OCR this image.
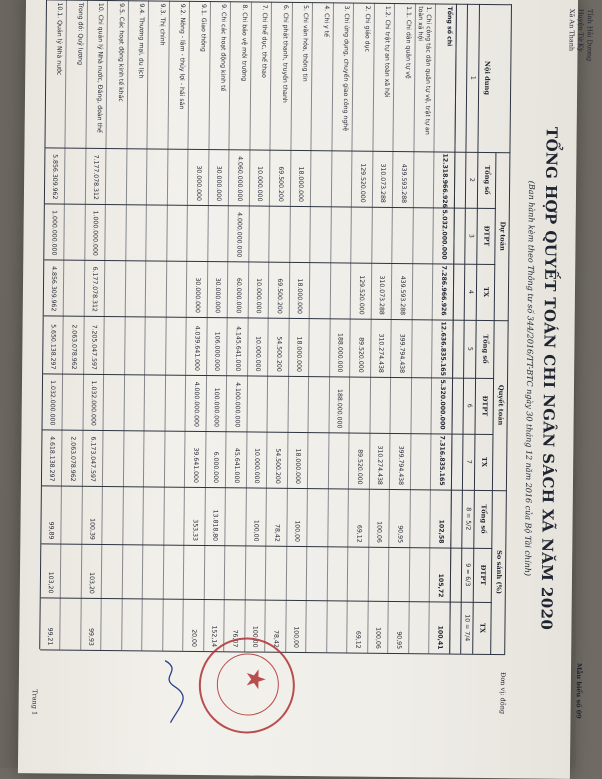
Tỉnh Hải Dương
Huyện Tứ Kỳ
Xã An Thanh
Mẫu biểu số 09
Đơn vị: đồng
TỔNG HỢP QUYẾT TOÁN CHI NGÂN SÁCH XÃ NĂM 2020
(Ban hành kèm theo Thông tư số 344/2016/TT-BTC ngày 30 tháng 12 năm 2016 của Bộ Tài chính)
Nội dung
Dự toán
Quyết toán
So sánh (%)
Tổng số
ĐTPT
TX
Tổng số
ĐTPT
TX
Tổng số
ĐTPT
TX
1
2
3
4
5
6
7
8 = 5/2
9 = 6/3
10 = 7/4
Tổng số chi
12.318.966.926
5.032.000.000
7.286.966.926
12.636.835.165
5.320.000.000
7.316.835.165
102,58
105,72
100,41
1. Chi công tác dân quân tự vệ, trật tự an toàn xã hội
1.1. Chi dân quân tự vệ
439.593.288
439.593.288
399.794.438
399.794.438
90,95
90,95
1.2. Chi trật tự an toàn xã hội
310.073.288
310.073.288
310.274.438
310.274.438
100,06
100,06
2. Chi giáo dục
129.520.000
129.520.000
89.520.000
89.520.000
69,12
69,12
3. Chi ứng dụng, chuyển giao công nghệ
188.000.000
188.000.000
4. Chi y tế
5. Chi văn hóa, thông tin
18.000.000
18.000.000
18.000.000
18.000.000
100,00
100,00
6. Chi phát thanh, truyền thanh
69.500.200
69.500.200
54.500.200
54.500.200
78,42
78,42
7. Chi thể dục, thể thao
10.000.000
10.000.000
10.000.000
10.000.000
100,00
100,00
8. Chi bảo vệ môi trường
4.060.000.000
4.000.000.000
60.000.000
4.145.641.000
4.100.000.000
45.641.000
76,07
9. Chi các hoạt động kinh tế
30.000.000
30.000.000
106.000.000
100.000.000
6.000.000
13.818,80
152,14
9.1. Giao thông
30.000.000
30.000.000
4.039.641.000
4.000.000.000
39.641.000
353,33
20,00
9.2. Nông - lâm - thủy lợi - hải sản
9.3. Thị chính
9.4. Thương mại, du lịch
9.5. Các hoạt động kinh tế khác
10. Chi quản lý Nhà nước, Đảng, đoàn thể
7.177.078.312
1.000.000.000
6.177.078.312
7.205.047.597
1.032.000.000
6.173.047.597
100,39
103,20
99,93
Trong đó: Quỹ lương
2.063.078.962
2.063.078.962
10.1. Quản lý Nhà nước
5.856.309.962
1.000.000.000
4.856.309.962
5.650.138.297
1.032.000.000
4.618.138.297
99,89
103,20
99,21
Trang 1
★
